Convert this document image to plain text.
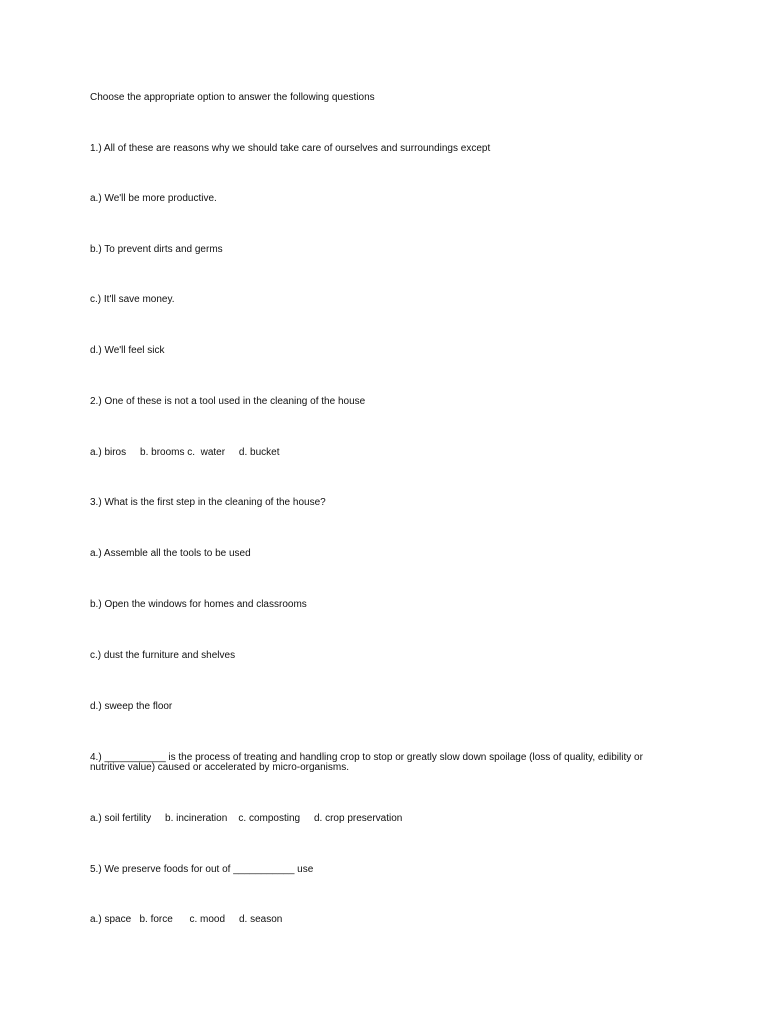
Choose the appropriate option to answer the following questions

1.) All of these are reasons why we should take care of ourselves and surroundings except

a.) We'll be more productive.

b.) To prevent dirts and germs

c.) It'll save money.

d.) We'll feel sick

2.) One of these is not a tool used in the cleaning of the house

a.) biros     b. brooms c.  water     d. bucket

3.) What is the first step in the cleaning of the house?

a.) Assemble all the tools to be used

b.) Open the windows for homes and classrooms

c.) dust the furniture and shelves

d.) sweep the floor

4.) ___________ is the process of treating and handling crop to stop or greatly slow down spoilage (loss of quality, edibility or nutritive value) caused or accelerated by micro-organisms.

a.) soil fertility     b. incineration    c. composting     d. crop preservation

5.) We preserve foods for out of ___________ use

a.) space   b. force      c. mood     d. season
